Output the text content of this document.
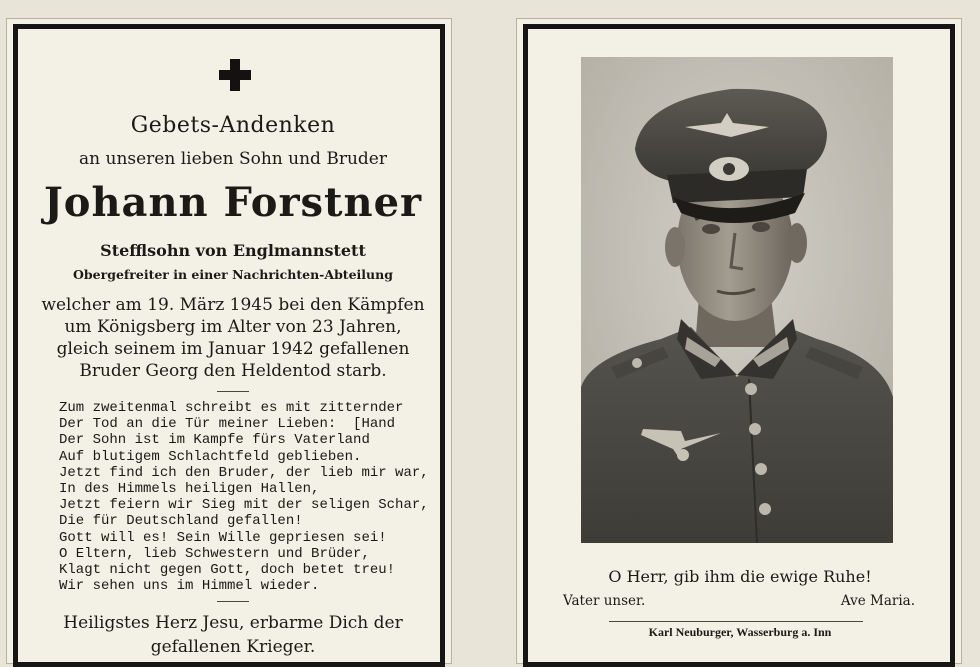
Gebets-Andenken
an unseren lieben Sohn und Bruder
Johann Forstner
Stefflsohn von Englmannstett
Obergefreiter in einer Nachrichten-Abteilung
welcher am 19. März 1945 bei den Kämpfen
um Königsberg im Alter von 23 Jahren,
gleich seinem im Januar 1942 gefallenen
Bruder Georg den Heldentod starb.
Zum zweitenmal schreibt es mit zitternder
Der Tod an die Tür meiner Lieben:  [Hand
Der Sohn ist im Kampfe fürs Vaterland
Auf blutigem Schlachtfeld geblieben.
Jetzt find ich den Bruder, der lieb mir war,
In des Himmels heiligen Hallen,
Jetzt feiern wir Sieg mit der seligen Schar,
Die für Deutschland gefallen!
Gott will es! Sein Wille gepriesen sei!
O Eltern, lieb Schwestern und Brüder,
Klagt nicht gegen Gott, doch betet treu!
Wir sehen uns im Himmel wieder.
Heiligstes Herz Jesu, erbarme Dich der
gefallenen Krieger.
O Herr, gib ihm die ewige Ruhe!
Vater unser.	Ave Maria.
Karl Neuburger, Wasserburg a. Inn
